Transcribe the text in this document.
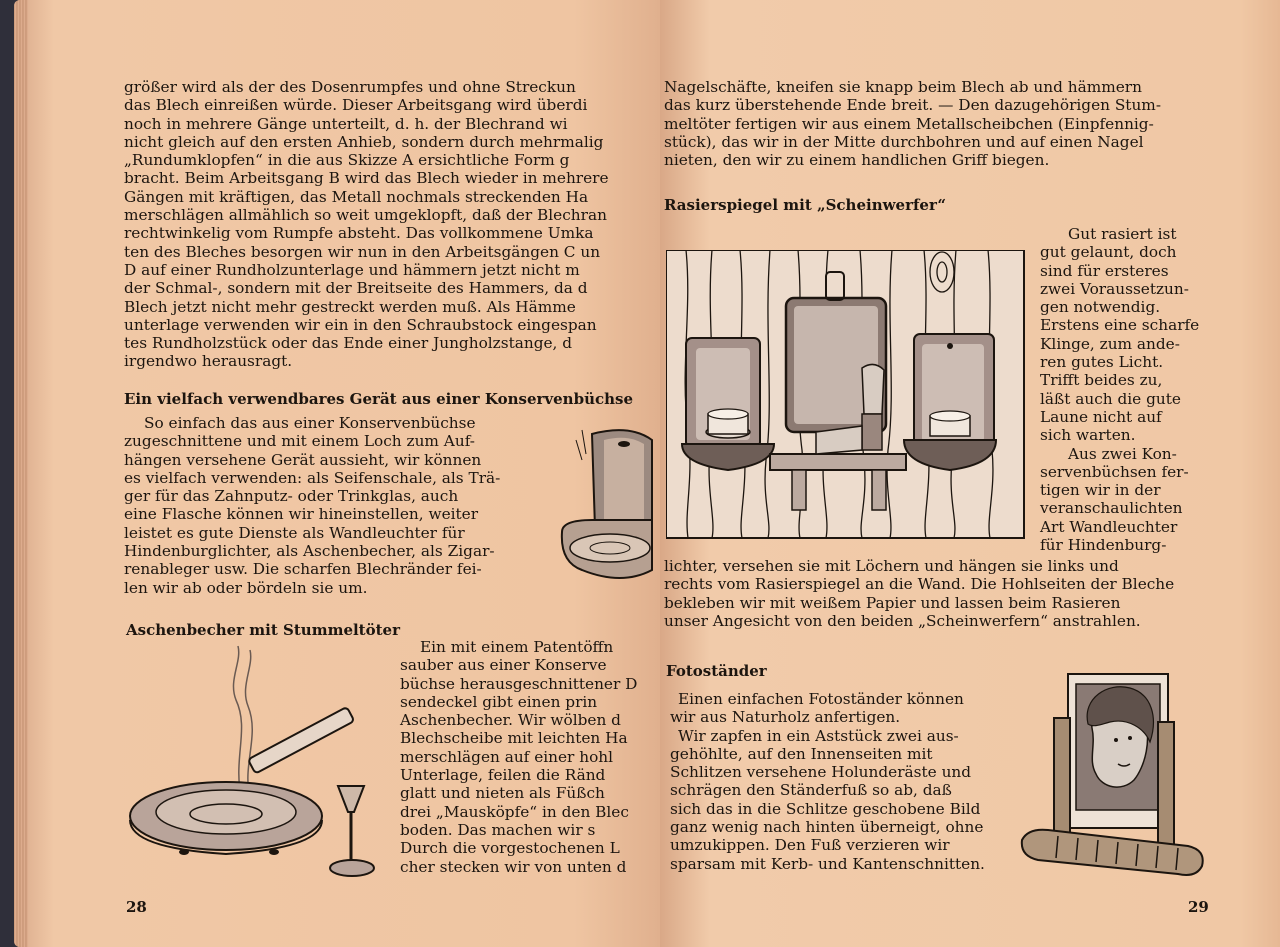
größer wird als der des Dosenrumpfes und ohne Streckun
das Blech einreißen würde. Dieser Arbeitsgang wird überdi
noch in mehrere Gänge unterteilt, d. h. der Blechrand wi
nicht gleich auf den ersten Anhieb, sondern durch mehrmalig
„Rundumklopfen“ in die aus Skizze A ersichtliche Form g
bracht. Beim Arbeitsgang B wird das Blech wieder in mehrere
Gängen mit kräftigen, das Metall nochmals streckenden Ha
merschlägen allmählich so weit umgeklopft, daß der Blechran
rechtwinkelig vom Rumpfe absteht. Das vollkommene Umka
ten des Bleches besorgen wir nun in den Arbeitsgängen C un
D auf einer Rundholzunterlage und hämmern jetzt nicht m
der Schmal-, sondern mit der Breitseite des Hammers, da d
Blech jetzt nicht mehr gestreckt werden muß. Als Hämme
unterlage verwenden wir ein in den Schraubstock eingespan
tes Rundholzstück oder das Ende einer Jungholzstange, d
irgendwo herausragt.
Ein vielfach verwendbares Gerät aus einer Konservenbüchse
So einfach das aus einer Konservenbüchse
zugeschnittene und mit einem Loch zum Auf-
hängen versehene Gerät aussieht, wir können
es vielfach verwenden: als Seifenschale, als Trä-
ger für das Zahnputz- oder Trinkglas, auch
eine Flasche können wir hineinstellen, weiter
leistet es gute Dienste als Wandleuchter für
Hindenburglichter, als Aschenbecher, als Zigar-
renableger usw. Die scharfen Blechränder fei-
len wir ab oder bördeln sie um.
Aschenbecher mit Stummeltöter
Ein mit einem Patentöffn
sauber aus einer Konserve
büchse herausgeschnittener D
sendeckel gibt einen prin
Aschenbecher. Wir wölben d
Blechscheibe mit leichten Ha
merschlägen auf einer hohl
Unterlage, feilen die Ränd
glatt und nieten als Füßch
drei „Mausköpfe“ in den Blec
boden. Das machen wir s
Durch die vorgestochenen L
cher stecken wir von unten d
28
Nagelschäfte, kneifen sie knapp beim Blech ab und hämmern
das kurz überstehende Ende breit. — Den dazugehörigen Stum-
meltöter fertigen wir aus einem Metallscheibchen (Einpfennig-
stück), das wir in der Mitte durchbohren und auf einen Nagel
nieten, den wir zu einem handlichen Griff biegen.
Rasierspiegel mit „Scheinwerfer“
Gut rasiert ist
gut gelaunt, doch
sind für ersteres
zwei Voraussetzun-
gen notwendig.
Erstens eine scharfe
Klinge, zum ande-
ren gutes Licht.
Trifft beides zu,
läßt auch die gute
Laune nicht auf
sich warten.
Aus zwei Kon-
servenbüchsen fer-
tigen wir in der
veranschaulichten
Art Wandleuchter
für Hindenburg-
lichter, versehen sie mit Löchern und hängen sie links und
rechts vom Rasierspiegel an die Wand. Die Hohlseiten der Bleche
bekleben wir mit weißem Papier und lassen beim Rasieren
unser Angesicht von den beiden „Scheinwerfern“ anstrahlen.
Fotoständer
Einen einfachen Fotoständer können
wir aus Naturholz anfertigen.
Wir zapfen in ein Aststück zwei aus-
gehöhlte, auf den Innenseiten mit
Schlitzen versehene Holunderäste und
schrägen den Ständerfuß so ab, daß
sich das in die Schlitze geschobene Bild
ganz wenig nach hinten überneigt, ohne
umzukippen. Den Fuß verzieren wir
sparsam mit Kerb- und Kantenschnitten.
29
